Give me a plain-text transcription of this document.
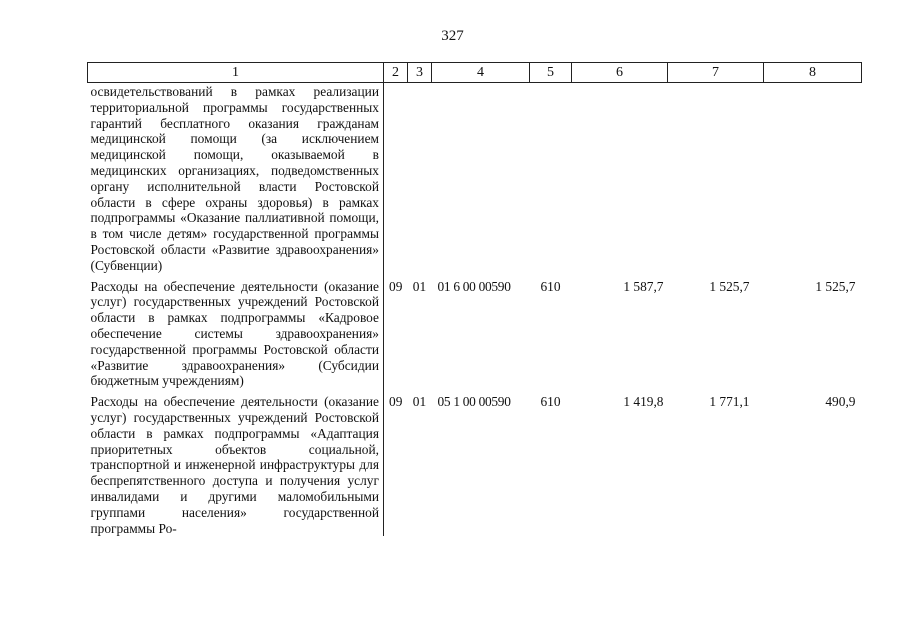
327
1	2	3	4	5	6	7	8
освидетельствований в рамках реализации территориальной программы государственных гарантий бесплатного оказания гражданам медицинской помощи (за исключением медицинской помощи, оказываемой в медицинских организациях, подведомственных органу исполнительной власти Ростовской области в сфере охраны здоровья) в рамках подпрограммы «Оказание паллиативной помощи, в том числе детям» государственной программы Ростовской области «Развитие здравоохранения» (Субвенции)							
Расходы на обеспечение деятельности (оказание услуг) государственных учреждений Ростовской области в рамках подпрограммы «Кадровое обеспечение системы здравоохранения» государственной программы Ростовской области «Развитие здравоохранения» (Субсидии бюджетным учреждениям)	09	01	01 6 00 00590	610	1 587,7	1 525,7	1 525,7
Расходы на обеспечение деятельности (оказание услуг) государственных учреждений Ростовской области в рамках подпрограммы «Адаптация приоритетных объектов социальной, транспортной и инженерной инфраструктуры для беспрепятственного доступа и получения услуг инвалидами и другими маломобильными группами населения» государственной программы Ро-	09	01	05 1 00 00590	610	1 419,8	1 771,1	490,9
